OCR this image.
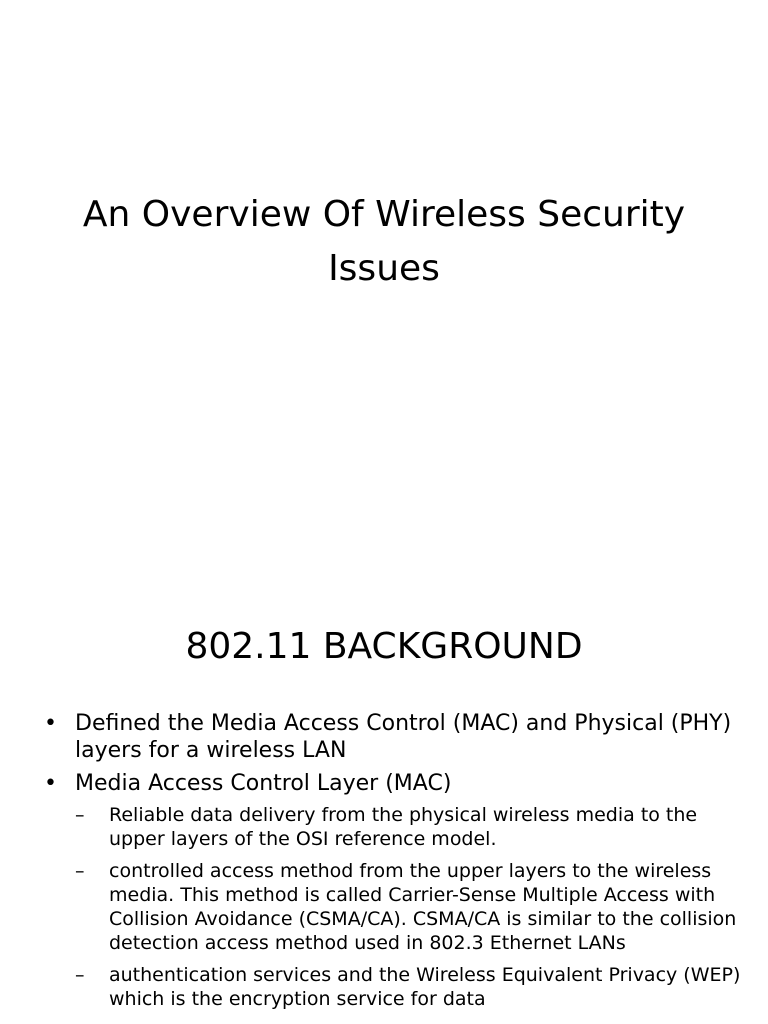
An Overview Of Wireless Security
Issues
802.11 BACKGROUND
• Defined the Media Access Control (MAC) and Physical (PHY) layers for a wireless LAN
• Media Access Control Layer (MAC)
– Reliable data delivery from the physical wireless media to the upper layers of the OSI reference model.
– controlled access method from the upper layers to the wireless media. This method is called Carrier-Sense Multiple Access with Collision Avoidance (CSMA/CA). CSMA/CA is similar to the collision detection access method used in 802.3 Ethernet LANs
– authentication services and the Wireless Equivalent Privacy (WEP) which is the encryption service for data
